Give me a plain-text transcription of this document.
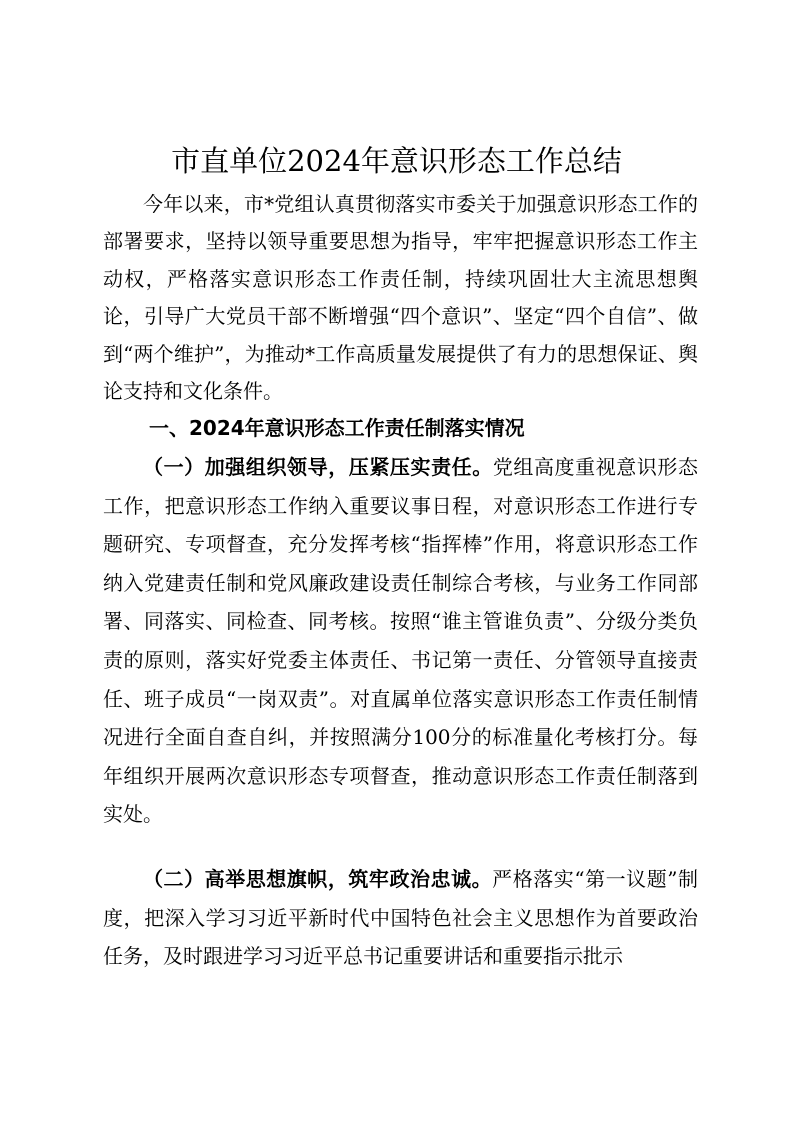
市直单位2024年意识形态工作总结

今年以来，市*党组认真贯彻落实市委关于加强意识形态工作的部署要求，坚持以领导重要思想为指导，牢牢把握意识形态工作主动权，严格落实意识形态工作责任制，持续巩固壮大主流思想舆论，引导广大党员干部不断增强“四个意识”、坚定“四个自信”、做到“两个维护”，为推动*工作高质量发展提供了有力的思想保证、舆论支持和文化条件。

一、2024年意识形态工作责任制落实情况

（一）加强组织领导，压紧压实责任。党组高度重视意识形态工作，把意识形态工作纳入重要议事日程，对意识形态工作进行专题研究、专项督查，充分发挥考核“指挥棒”作用，将意识形态工作纳入党建责任制和党风廉政建设责任制综合考核，与业务工作同部署、同落实、同检查、同考核。按照“谁主管谁负责”、分级分类负责的原则，落实好党委主体责任、书记第一责任、分管领导直接责任、班子成员“一岗双责”。对直属单位落实意识形态工作责任制情况进行全面自查自纠，并按照满分100分的标准量化考核打分。每年组织开展两次意识形态专项督查，推动意识形态工作责任制落到实处。

（二）高举思想旗帜，筑牢政治忠诚。严格落实“第一议题”制度，把深入学习习近平新时代中国特色社会主义思想作为首要政治任务，及时跟进学习习近平总书记重要讲话和重要指示批示
